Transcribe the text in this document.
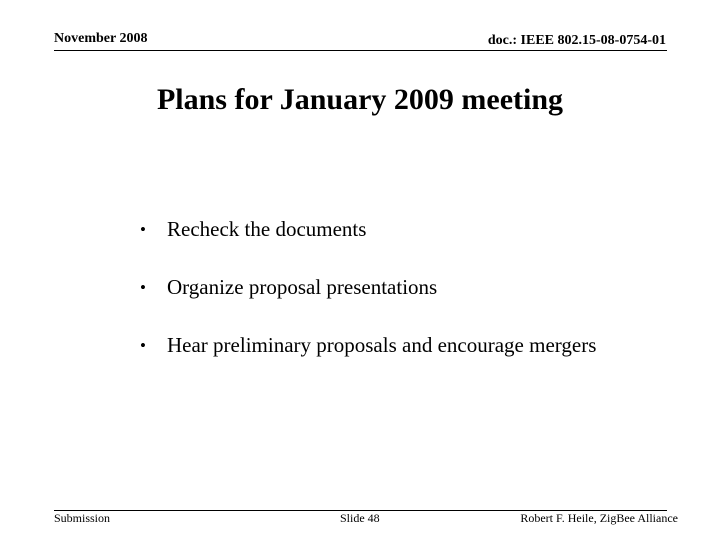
November 2008	doc.: IEEE 802.15-08-0754-01
Plans for January 2009 meeting
• Recheck the documents
• Organize proposal presentations
• Hear preliminary proposals and encourage mergers
Submission	Slide 48	Robert F. Heile, ZigBee Alliance
